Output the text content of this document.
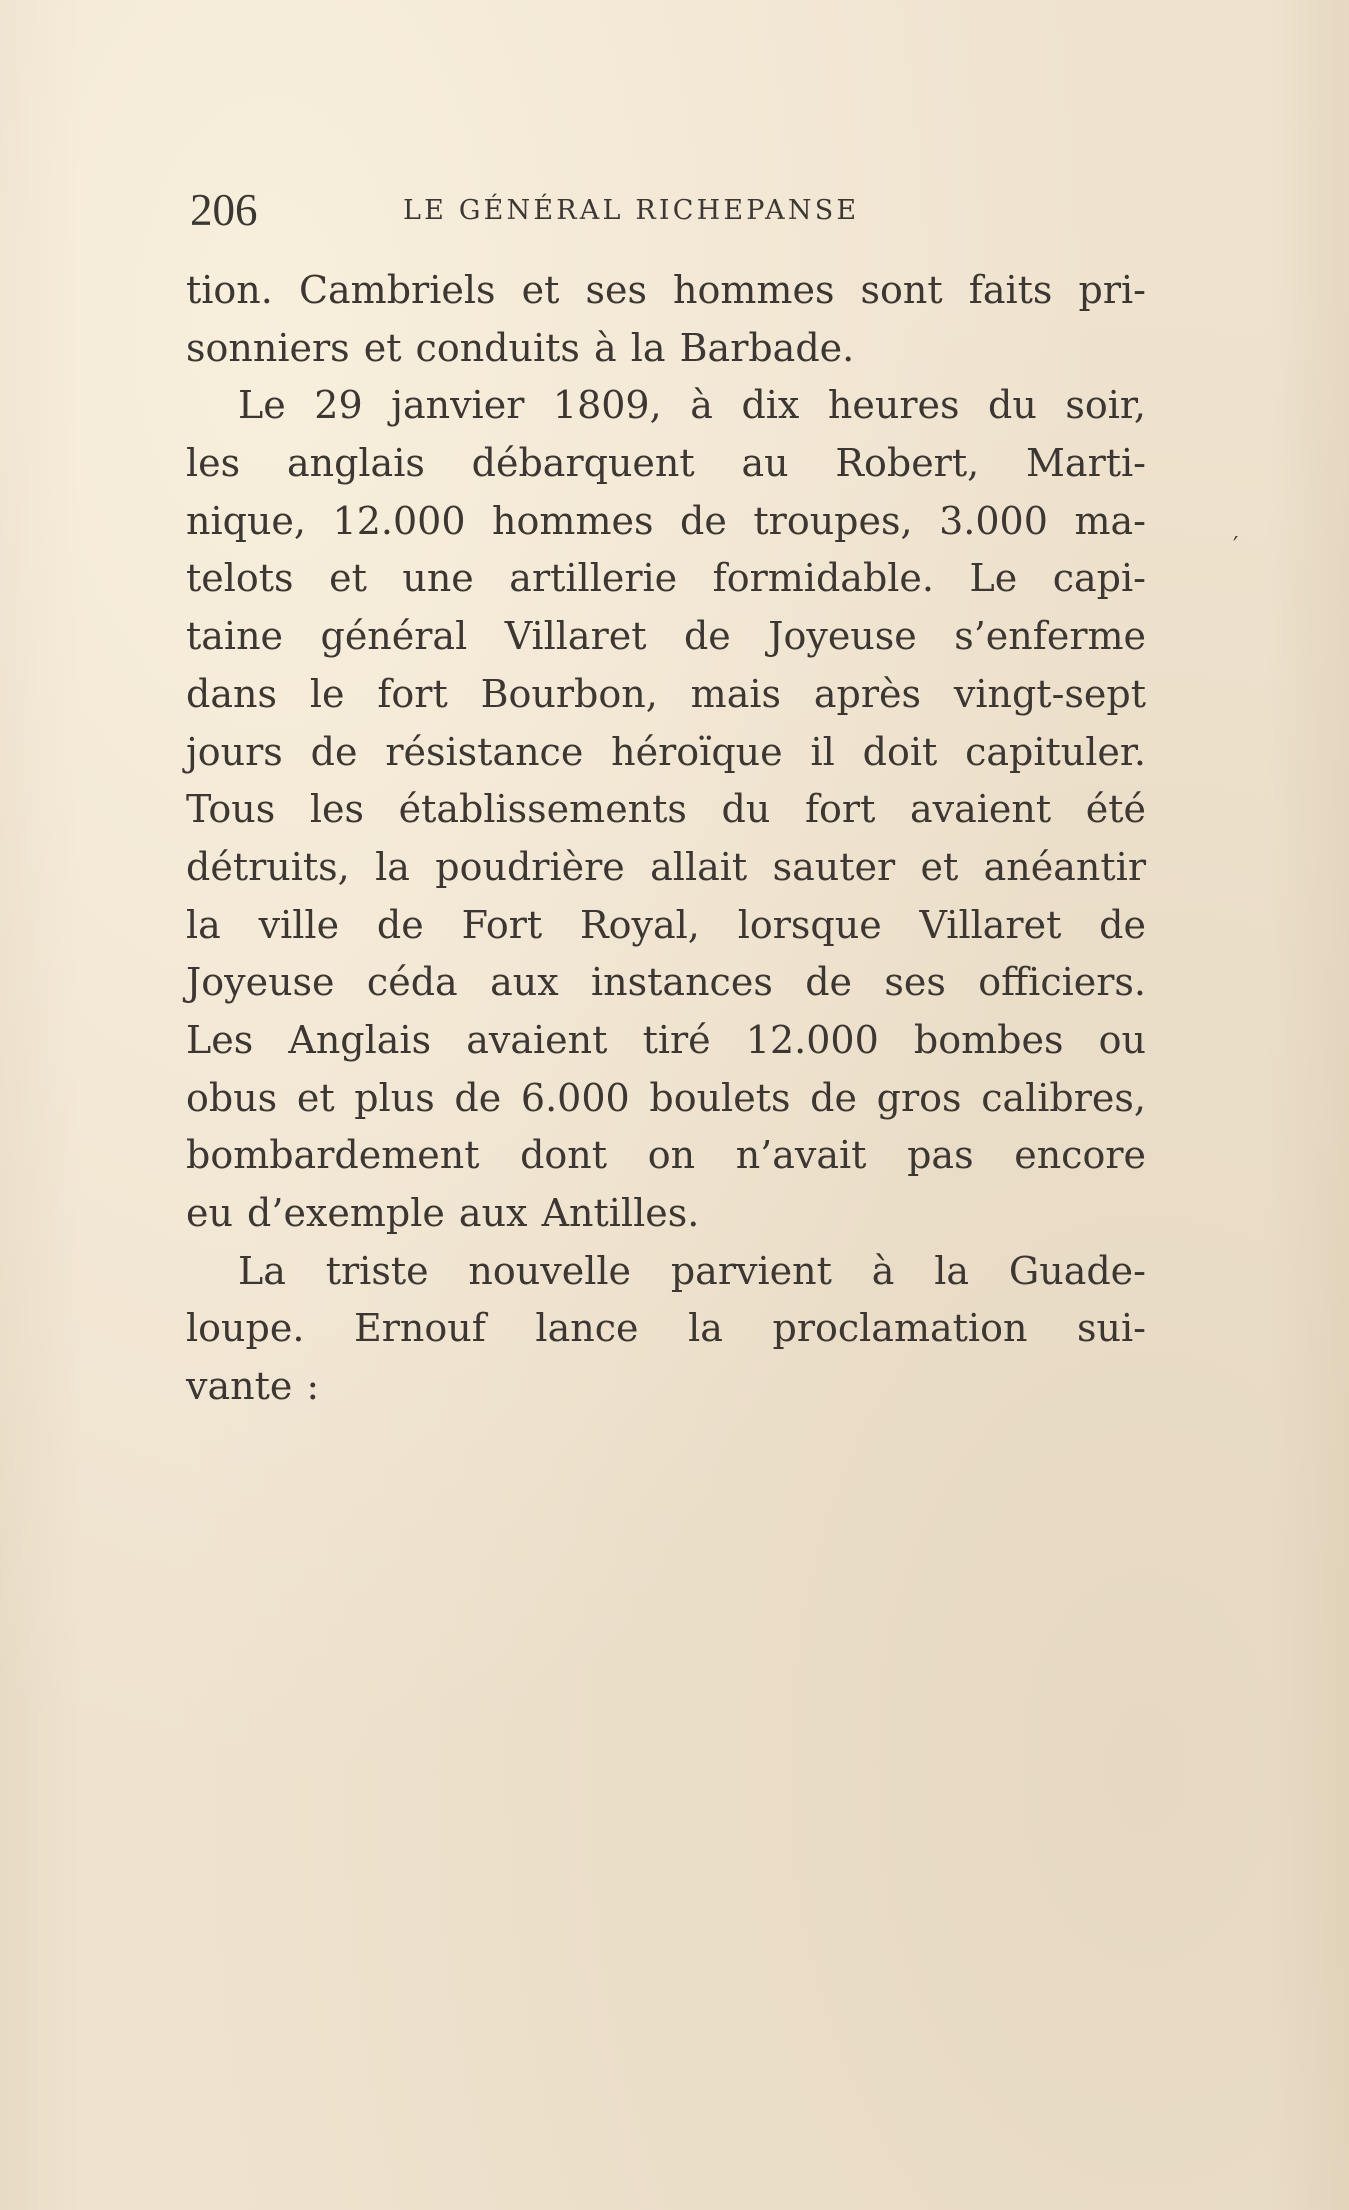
206	LE GÉNÉRAL RICHEPANSE
tion. Cambriels et ses hommes sont faits pri-
sonniers et conduits à la Barbade.
Le 29 janvier 1809, à dix heures du soir,
les anglais débarquent au Robert, Marti-
nique, 12.000 hommes de troupes, 3.000 ma-
telots et une artillerie formidable. Le capi-
taine général Villaret de Joyeuse s’enferme
dans le fort Bourbon, mais après vingt-sept
jours de résistance héroïque il doit capituler.
Tous les établissements du fort avaient été
détruits, la poudrière allait sauter et anéantir
la ville de Fort Royal, lorsque Villaret de
Joyeuse céda aux instances de ses officiers.
Les Anglais avaient tiré 12.000 bombes ou
obus et plus de 6.000 boulets de gros calibres,
bombardement dont on n’avait pas encore
eu d’exemple aux Antilles.
La triste nouvelle parvient à la Guade-
loupe. Ernouf lance la proclamation sui-
vante :
′
